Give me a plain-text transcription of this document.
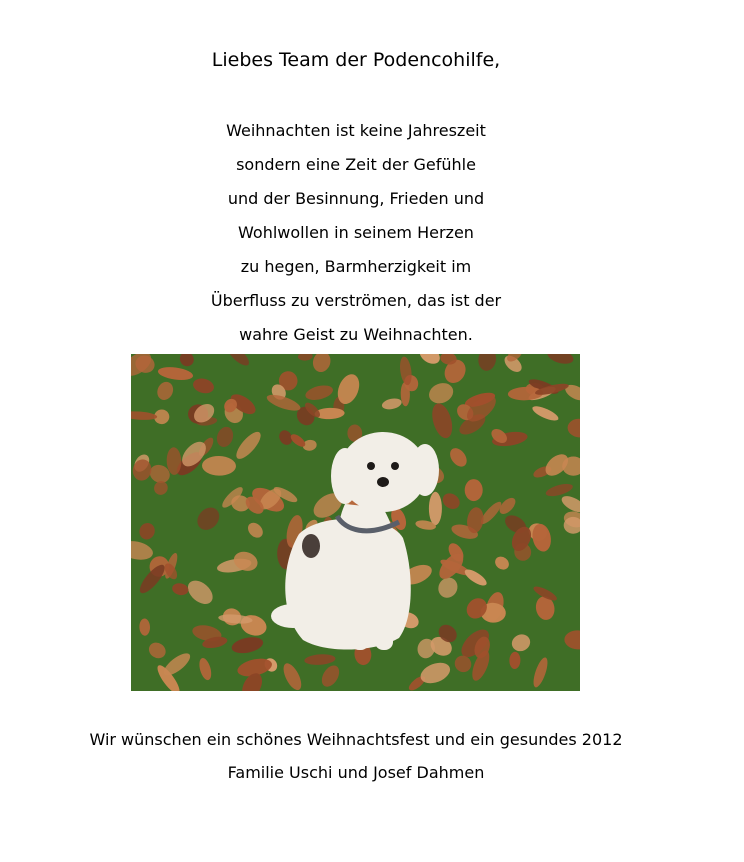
Liebes Team der Podencohilfe,
Weihnachten ist keine Jahreszeit
sondern eine Zeit der Gefühle
und der Besinnung, Frieden und
Wohlwollen in seinem Herzen
zu hegen, Barmherzigkeit im
Überfluss zu verströmen, das ist der
wahre Geist zu Weihnachten.
Wir wünschen ein schönes Weihnachtsfest und ein gesundes 2012
Familie Uschi und Josef Dahmen
